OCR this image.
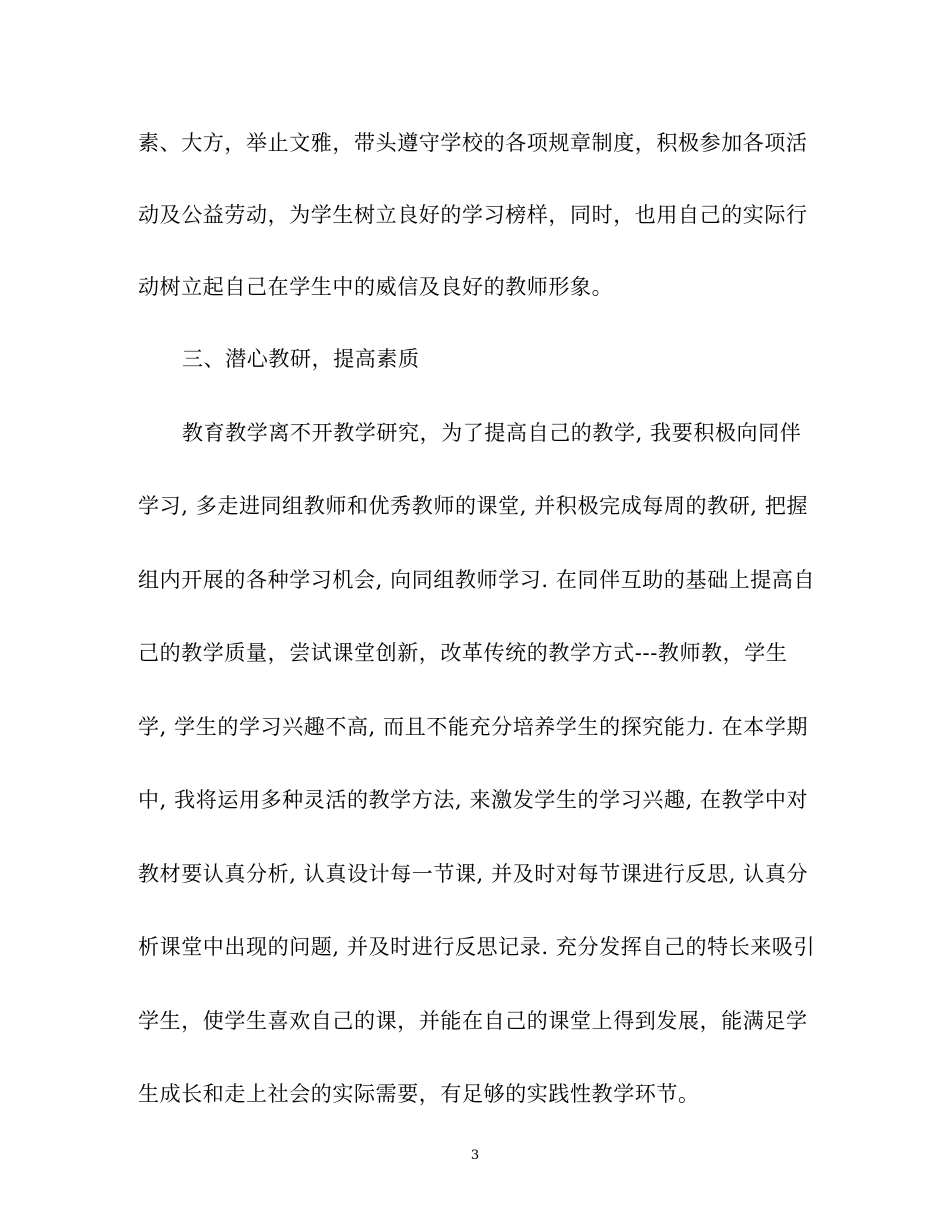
素、大方，举止文雅，带头遵守学校的各项规章制度，积极参加各项活
动及公益劳动，为学生树立良好的学习榜样，同时，也用自己的实际行
动树立起自己在学生中的威信及良好的教师形象。
三、潜心教研，提高素质
教育教学离不开教学研究，为了提高自己的教学, 我要积极向同伴
学习, 多走进同组教师和优秀教师的课堂, 并积极完成每周的教研, 把握
组内开展的各种学习机会, 向同组教师学习. 在同伴互助的基础上提高自
己的教学质量，尝试课堂创新，改革传统的教学方式---教师教，学生
学, 学生的学习兴趣不高, 而且不能充分培养学生的探究能力. 在本学期
中, 我将运用多种灵活的教学方法, 来激发学生的学习兴趣, 在教学中对
教材要认真分析, 认真设计每一节课, 并及时对每节课进行反思, 认真分
析课堂中出现的问题, 并及时进行反思记录. 充分发挥自己的特长来吸引
学生，使学生喜欢自己的课，并能在自己的课堂上得到发展，能满足学
生成长和走上社会的实际需要，有足够的实践性教学环节。
3
